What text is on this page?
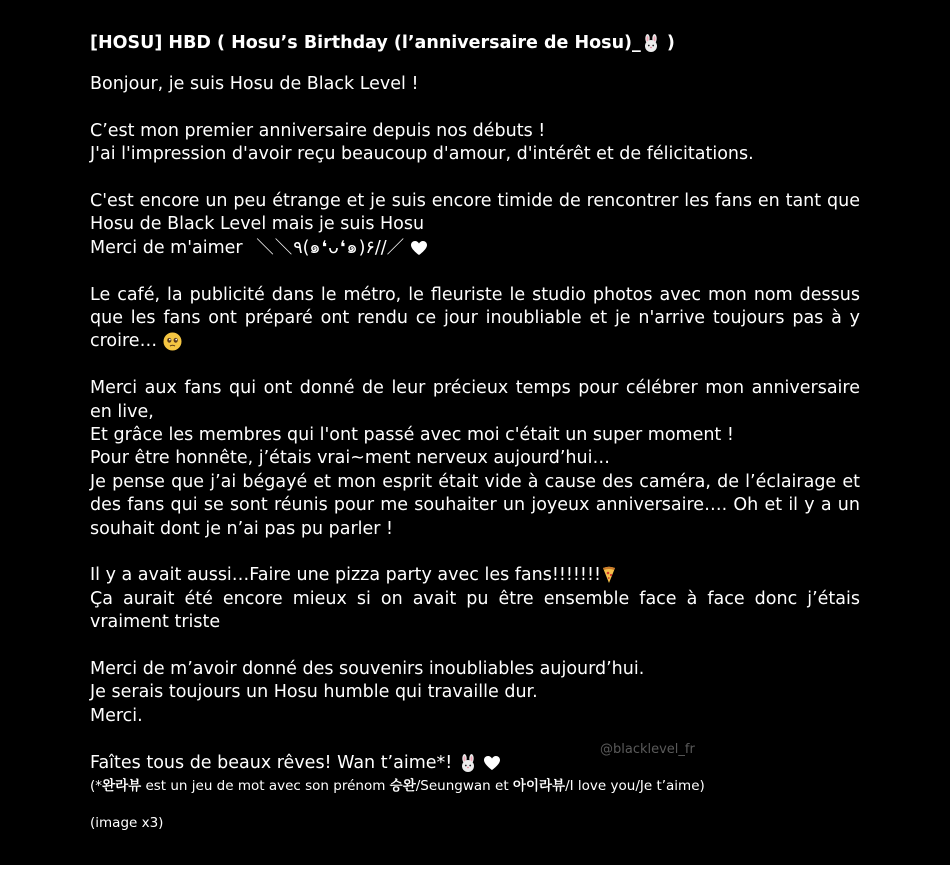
[HOSU] HBD ( Hosu’s Birthday (l’anniversaire de Hosu)_
)

Bonjour, je suis Hosu de Black Level !

C’est mon premier anniversaire depuis nos débuts !
J'ai l'impression d'avoir reçu beaucoup d'amour, d'intérêt et de félicitations.

C'est encore un peu étrange et je suis encore timide de rencontrer les fans en tant que Hosu de Black Level mais je suis Hosu
Merci de m'aimer ＼＼٩(๑❛ᴗ❛๑)۶//／

Le café, la publicité dans le métro, le fleuriste le studio photos avec mon nom dessus que les fans ont préparé ont rendu ce jour inoubliable et je n'arrive toujours pas à y croire…

Merci aux fans qui ont donné de leur précieux temps pour célébrer mon anniversaire en live,
Et grâce les membres qui l'ont passé avec moi c'était un super moment !
Pour être honnête, j’étais vrai~ment nerveux aujourd’hui…
Je pense que j’ai bégayé et mon esprit était vide à cause des caméra, de l’éclairage et des fans qui se sont réunis pour me souhaiter un joyeux anniversaire…. Oh et il y a un souhait dont je n’ai pas pu parler !

Il y a avait aussi…Faire une pizza party avec les fans!!!!!!!
Ça aurait été encore mieux si on avait pu être ensemble face à face donc j’étais vraiment triste

Merci de m’avoir donné des souvenirs inoubliables aujourd’hui.
Je serais toujours un Hosu humble qui travaille dur.
Merci.

Faîtes tous de beaux rêves! Wan t’aime*!

(*완라뷰 est un jeu de mot avec son prénom 승완/Seungwan et 아이라뷰/I love you/Je t’aime)
(image x3)
@blacklevel_fr
